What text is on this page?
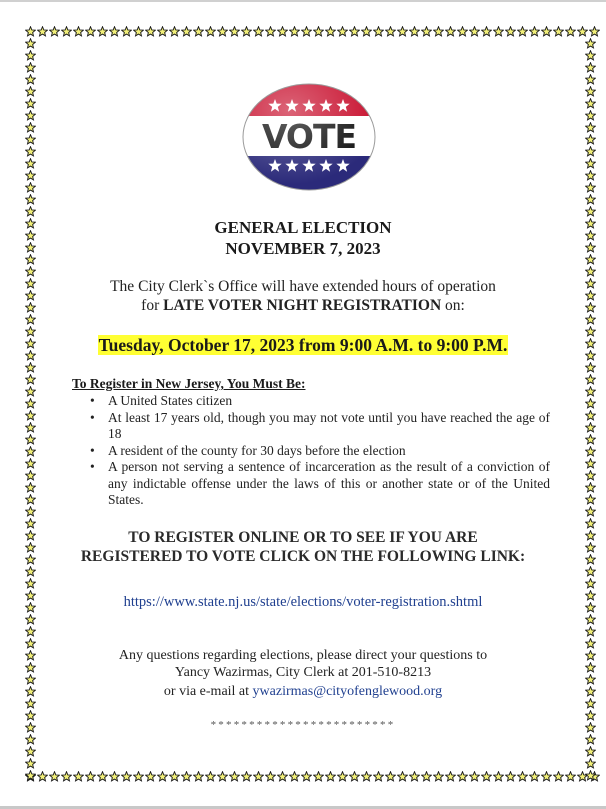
GENERAL ELECTION
NOVEMBER 7, 2023
The City Clerk`s Office will have extended hours of operation
for LATE VOTER NIGHT REGISTRATION on:
Tuesday, October 17, 2023 from 9:00 A.M. to 9:00 P.M.
To Register in New Jersey, You Must Be:
• A United States citizen
• At least 17 years old, though you may not vote until you have reached the age of 18
• A resident of the county for 30 days before the election
• A person not serving a sentence of incarceration as the result of a conviction of any indictable offense under the laws of this or another state or of the United States.
TO REGISTER ONLINE OR TO SEE IF YOU ARE
REGISTERED TO VOTE CLICK ON THE FOLLOWING LINK:
https://www.state.nj.us/state/elections/voter-registration.shtml
Any questions regarding elections, please direct your questions to
Yancy Wazirmas, City Clerk at 201-510-8213
or via e-mail at ywazirmas@cityofenglewood.org
************************
